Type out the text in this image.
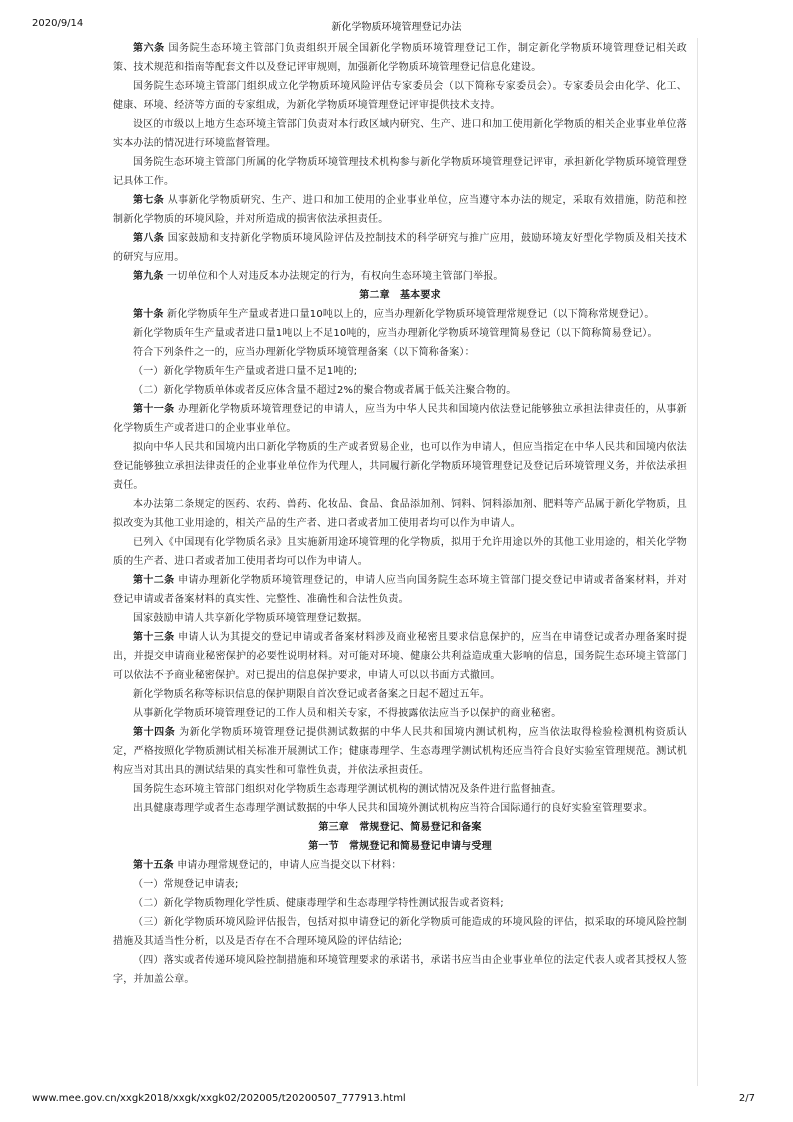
2020/9/14	新化学物质环境管理登记办法

第六条 国务院生态环境主管部门负责组织开展全国新化学物质环境管理登记工作，制定新化学物质环境管理登记相关政策、技术规范和指南等配套文件以及登记评审规则，加强新化学物质环境管理登记信息化建设。

国务院生态环境主管部门组织成立化学物质环境风险评估专家委员会（以下简称专家委员会）。专家委员会由化学、化工、健康、环境、经济等方面的专家组成，为新化学物质环境管理登记评审提供技术支持。

设区的市级以上地方生态环境主管部门负责对本行政区域内研究、生产、进口和加工使用新化学物质的相关企业事业单位落实本办法的情况进行环境监督管理。

国务院生态环境主管部门所属的化学物质环境管理技术机构参与新化学物质环境管理登记评审，承担新化学物质环境管理登记具体工作。

第七条 从事新化学物质研究、生产、进口和加工使用的企业事业单位，应当遵守本办法的规定，采取有效措施，防范和控制新化学物质的环境风险，并对所造成的损害依法承担责任。

第八条 国家鼓励和支持新化学物质环境风险评估及控制技术的科学研究与推广应用，鼓励环境友好型化学物质及相关技术的研究与应用。

第九条 一切单位和个人对违反本办法规定的行为，有权向生态环境主管部门举报。

第二章　基本要求

第十条 新化学物质年生产量或者进口量10吨以上的，应当办理新化学物质环境管理常规登记（以下简称常规登记）。

新化学物质年生产量或者进口量1吨以上不足10吨的，应当办理新化学物质环境管理简易登记（以下简称简易登记）。

符合下列条件之一的，应当办理新化学物质环境管理备案（以下简称备案）：

（一）新化学物质年生产量或者进口量不足1吨的;

（二）新化学物质单体或者反应体含量不超过2%的聚合物或者属于低关注聚合物的。

第十一条 办理新化学物质环境管理登记的申请人，应当为中华人民共和国境内依法登记能够独立承担法律责任的，从事新化学物质生产或者进口的企业事业单位。

拟向中华人民共和国境内出口新化学物质的生产或者贸易企业，也可以作为申请人，但应当指定在中华人民共和国境内依法登记能够独立承担法律责任的企业事业单位作为代理人，共同履行新化学物质环境管理登记及登记后环境管理义务，并依法承担责任。

本办法第二条规定的医药、农药、兽药、化妆品、食品、食品添加剂、饲料、饲料添加剂、肥料等产品属于新化学物质，且拟改变为其他工业用途的，相关产品的生产者、进口者或者加工使用者均可以作为申请人。

已列入《中国现有化学物质名录》且实施新用途环境管理的化学物质，拟用于允许用途以外的其他工业用途的，相关化学物质的生产者、进口者或者加工使用者均可以作为申请人。

第十二条 申请办理新化学物质环境管理登记的，申请人应当向国务院生态环境主管部门提交登记申请或者备案材料，并对登记申请或者备案材料的真实性、完整性、准确性和合法性负责。

国家鼓励申请人共享新化学物质环境管理登记数据。

第十三条 申请人认为其提交的登记申请或者备案材料涉及商业秘密且要求信息保护的，应当在申请登记或者办理备案时提出，并提交申请商业秘密保护的必要性说明材料。对可能对环境、健康公共利益造成重大影响的信息，国务院生态环境主管部门可以依法不予商业秘密保护。对已提出的信息保护要求，申请人可以以书面方式撤回。

新化学物质名称等标识信息的保护期限自首次登记或者备案之日起不超过五年。

从事新化学物质环境管理登记的工作人员和相关专家，不得披露依法应当予以保护的商业秘密。

第十四条 为新化学物质环境管理登记提供测试数据的中华人民共和国境内测试机构，应当依法取得检验检测机构资质认定，严格按照化学物质测试相关标准开展测试工作；健康毒理学、生态毒理学测试机构还应当符合良好实验室管理规范。测试机构应当对其出具的测试结果的真实性和可靠性负责，并依法承担责任。

国务院生态环境主管部门组织对化学物质生态毒理学测试机构的测试情况及条件进行监督抽查。

出具健康毒理学或者生态毒理学测试数据的中华人民共和国境外测试机构应当符合国际通行的良好实验室管理要求。

第三章　常规登记、简易登记和备案

第一节　常规登记和简易登记申请与受理

第十五条 申请办理常规登记的，申请人应当提交以下材料：

（一）常规登记申请表;

（二）新化学物质物理化学性质、健康毒理学和生态毒理学特性测试报告或者资料;

（三）新化学物质环境风险评估报告，包括对拟申请登记的新化学物质可能造成的环境风险的评估，拟采取的环境风险控制措施及其适当性分析，以及是否存在不合理环境风险的评估结论;

（四）落实或者传递环境风险控制措施和环境管理要求的承诺书，承诺书应当由企业事业单位的法定代表人或者其授权人签字，并加盖公章。

www.mee.gov.cn/xxgk2018/xxgk/xxgk02/202005/t20200507_777913.html	2/7
